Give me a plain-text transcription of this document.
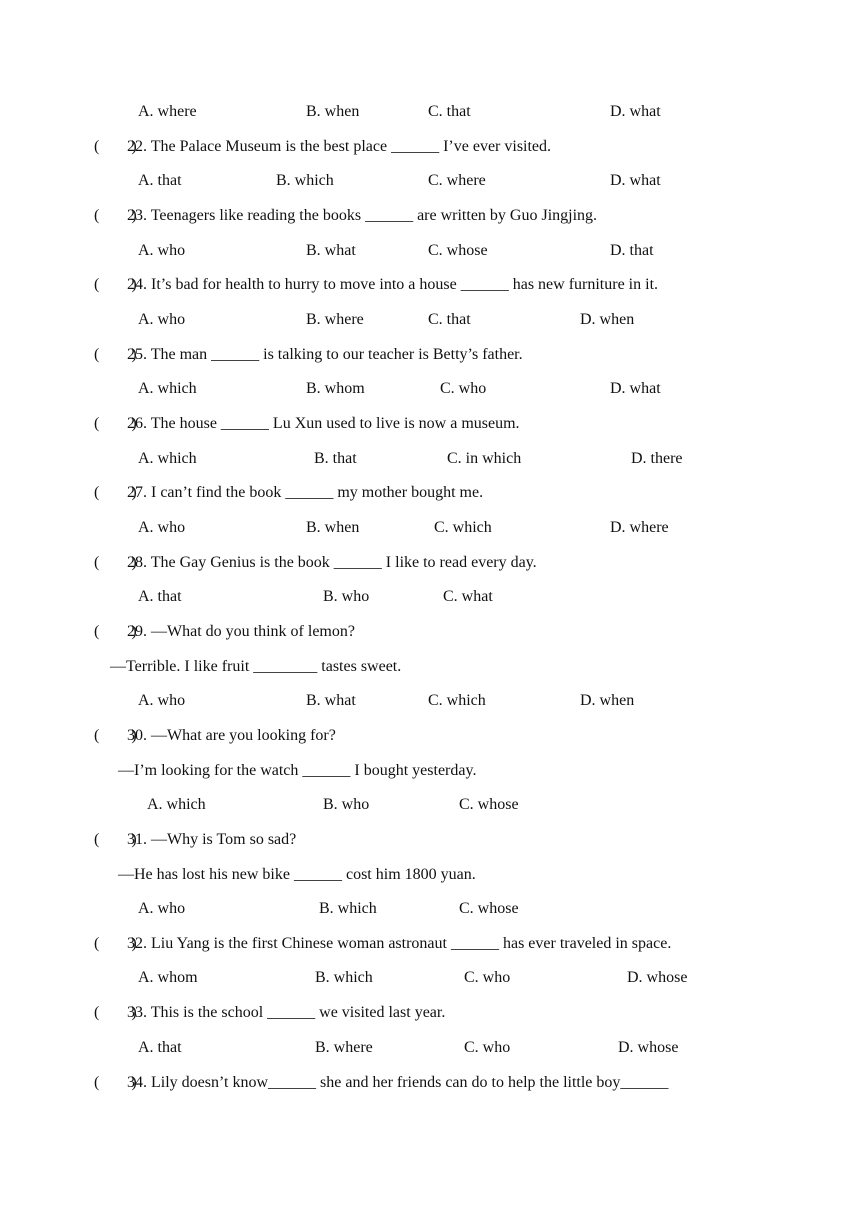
A. where	B. when	C. that	D. what
(        )
22. The Palace Museum is the best place ______ I’ve ever visited.
A. that	B. which	C. where	D. what
(        )
23. Teenagers like reading the books ______ are written by Guo Jingjing.
A. who	B. what	C. whose	D. that
(        )
24. It’s bad for health to hurry to move into a house ______ has new furniture in it.
A. who	B. where	C. that	D. when
(        )
25. The man ______ is talking to our teacher is Betty’s father.
A. which	B. whom	C. who	D. what
(        )
26. The house ______ Lu Xun used to live is now a museum.
A. which	B. that	C. in which	D. there
(        )
27. I can’t find the book ______ my mother bought me.
A. who	B. when	C. which	D. where
(        )
28. The Gay Genius is the book ______ I like to read every day.
A. that	B. who	C. what
(        )
29. —What do you think of lemon?
—Terrible. I like fruit ________ tastes sweet.
A. who	B. what	C. which	D. when
(        )
30. —What are you looking for?
—I’m looking for the watch ______ I bought yesterday.
A. which	B. who	C. whose
(        )
31. —Why is Tom so sad?
—He has lost his new bike ______ cost him 1800 yuan.
A. who	B. which	C. whose
(        )
32. Liu Yang is the first Chinese woman astronaut ______ has ever traveled in space.
A. whom	B. which	C. who	D. whose
(        )
33. This is the school ______ we visited last year.
A. that	B. where	C. who	D. whose
(        )
34. Lily doesn’t know______ she and her friends can do to help the little boy______
